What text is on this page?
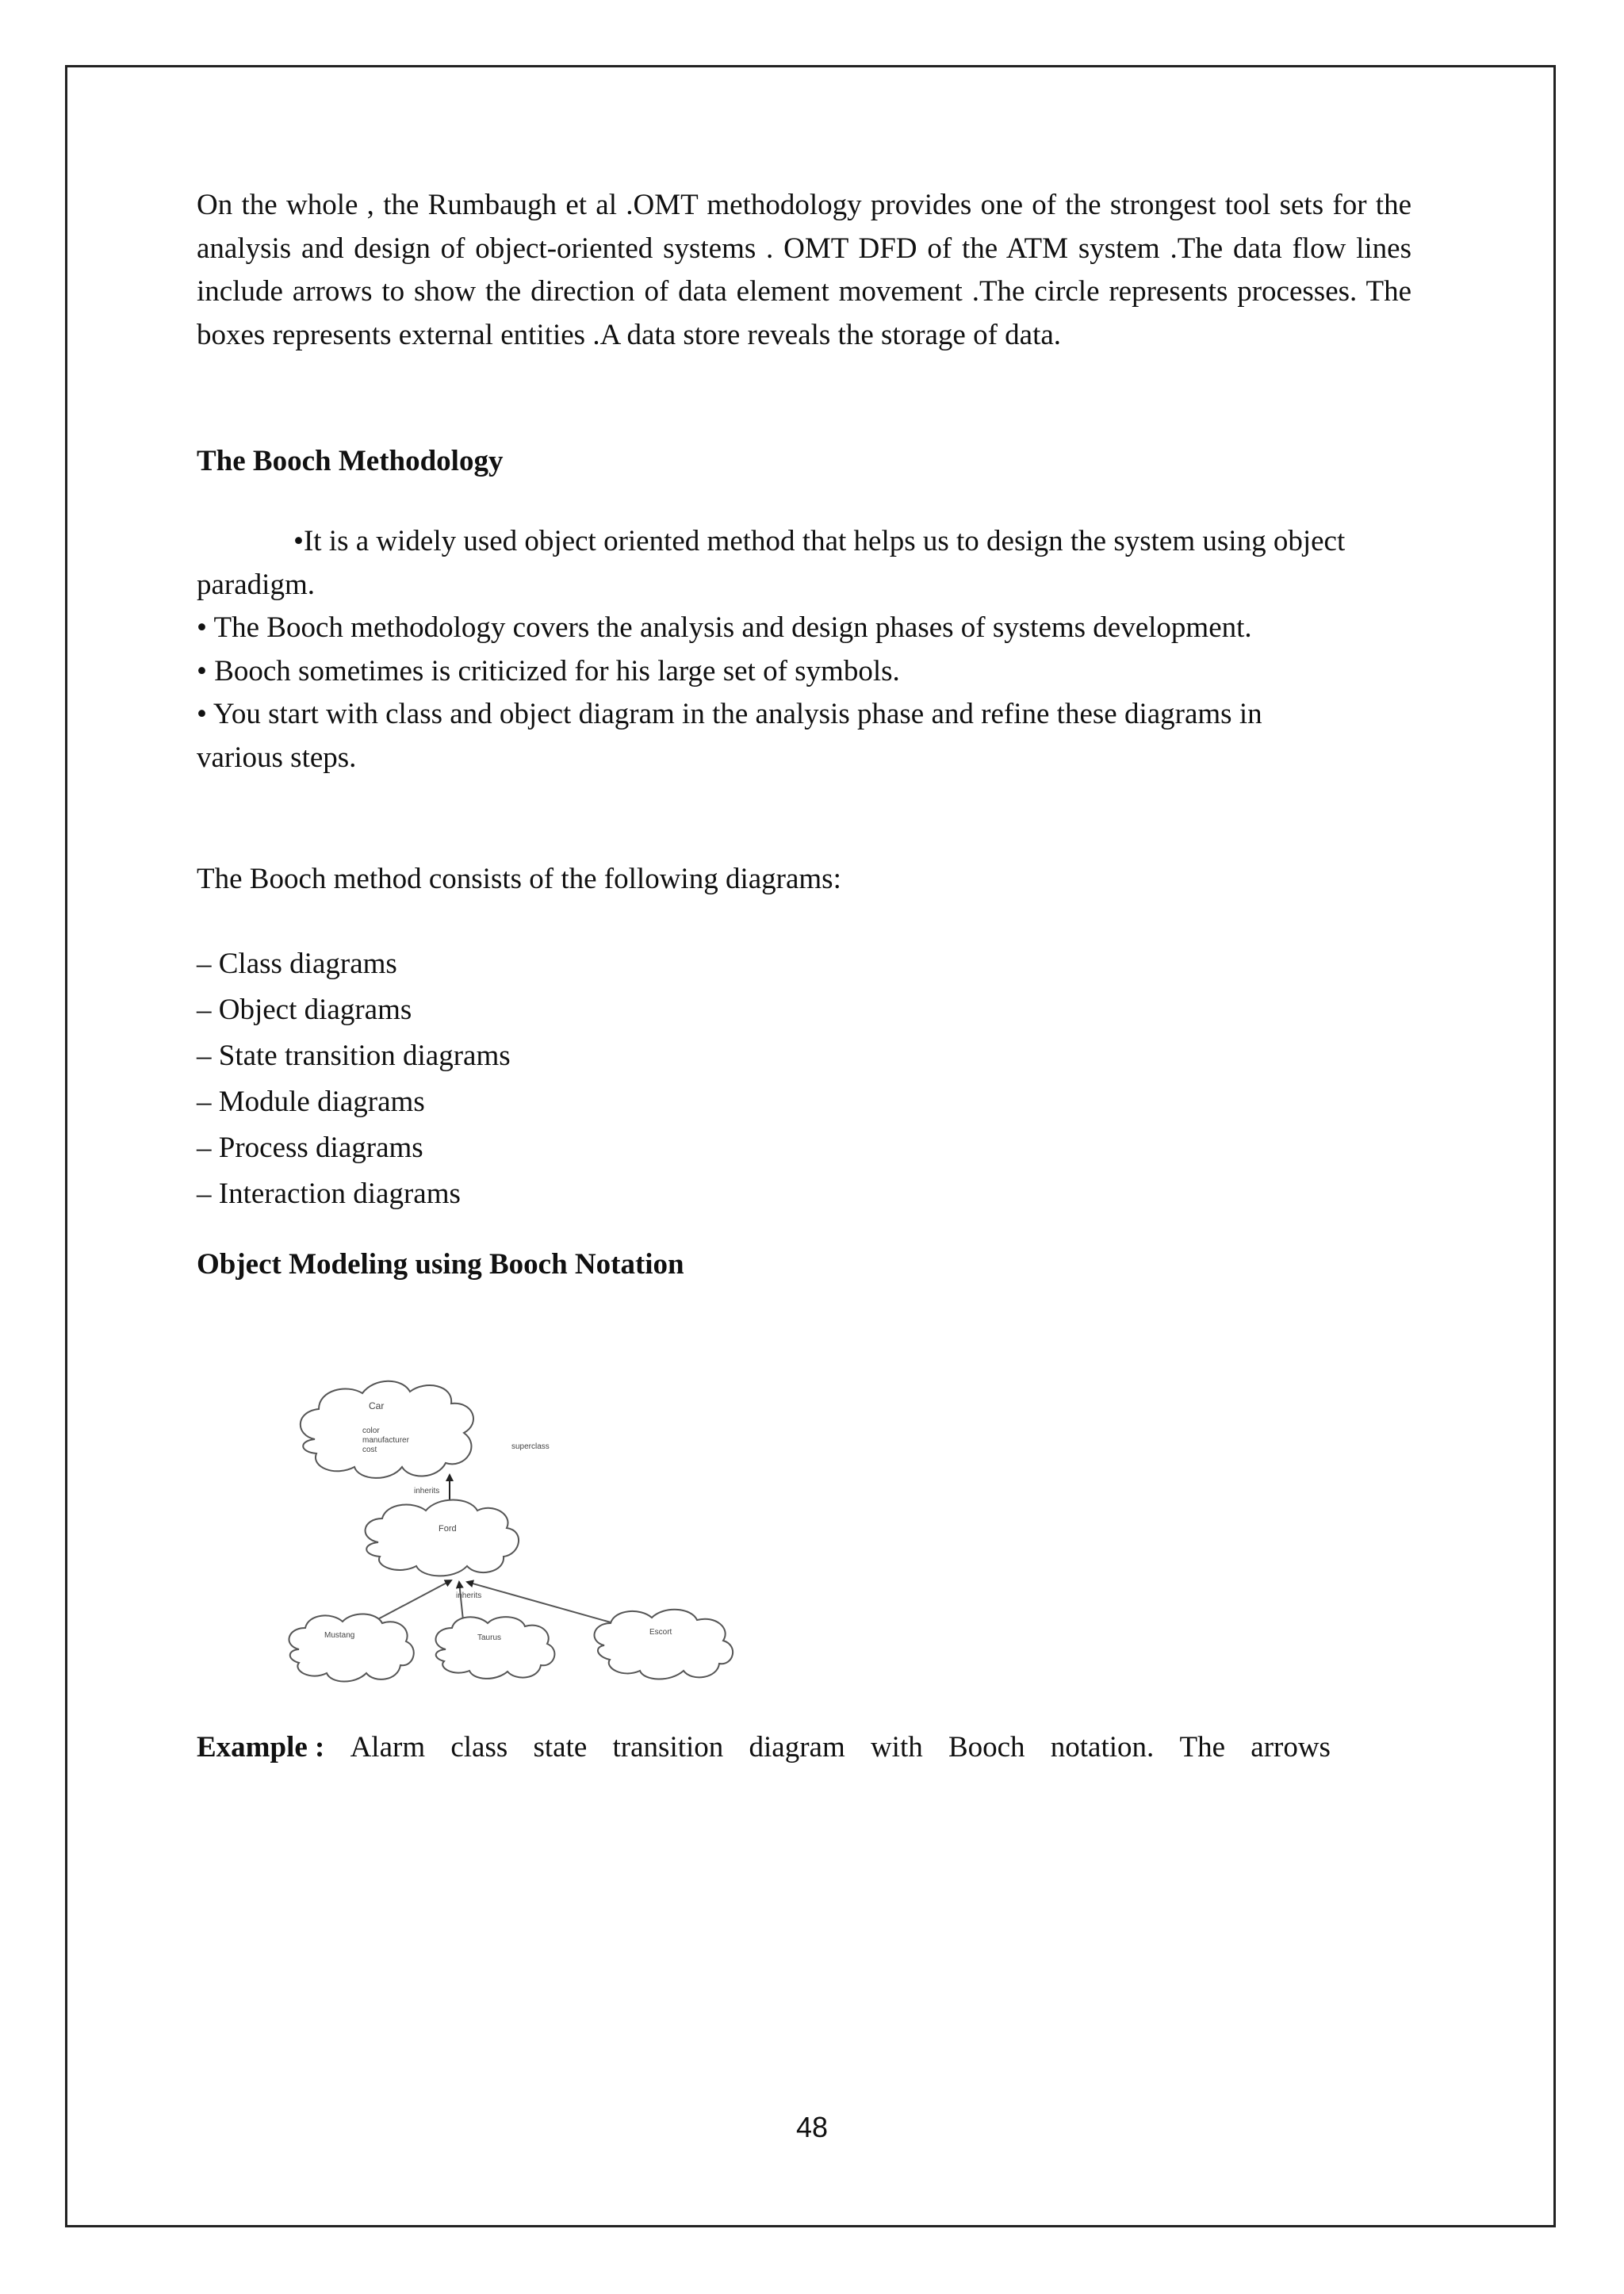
On the whole , the Rumbaugh et al .OMT methodology provides one of the strongest tool sets for the analysis and design of object-oriented systems . OMT DFD of the ATM system .The data flow lines include arrows to show the direction of data element movement .The circle represents processes. The boxes represents external entities .A data store reveals the storage of data.

The Booch Methodology

•It is a widely used object oriented method that helps us to design the system using object paradigm.

• The Booch methodology covers the analysis and design phases of systems development.

• Booch sometimes is criticized for his large set of symbols.

• You start with class and object diagram in the analysis phase and refine these diagrams in various steps.

The Booch method consists of the following diagrams:

– Class diagrams
– Object diagrams
– State transition diagrams
– Module diagrams
– Process diagrams
– Interaction diagrams
Object Modeling using Booch Notation

Example : Alarm class state transition diagram with Booch notation. The arrows

Car
color
manufacturer
cost	superclass
inherits
Ford
inherits
Mustang	Taurus
Escort

48
